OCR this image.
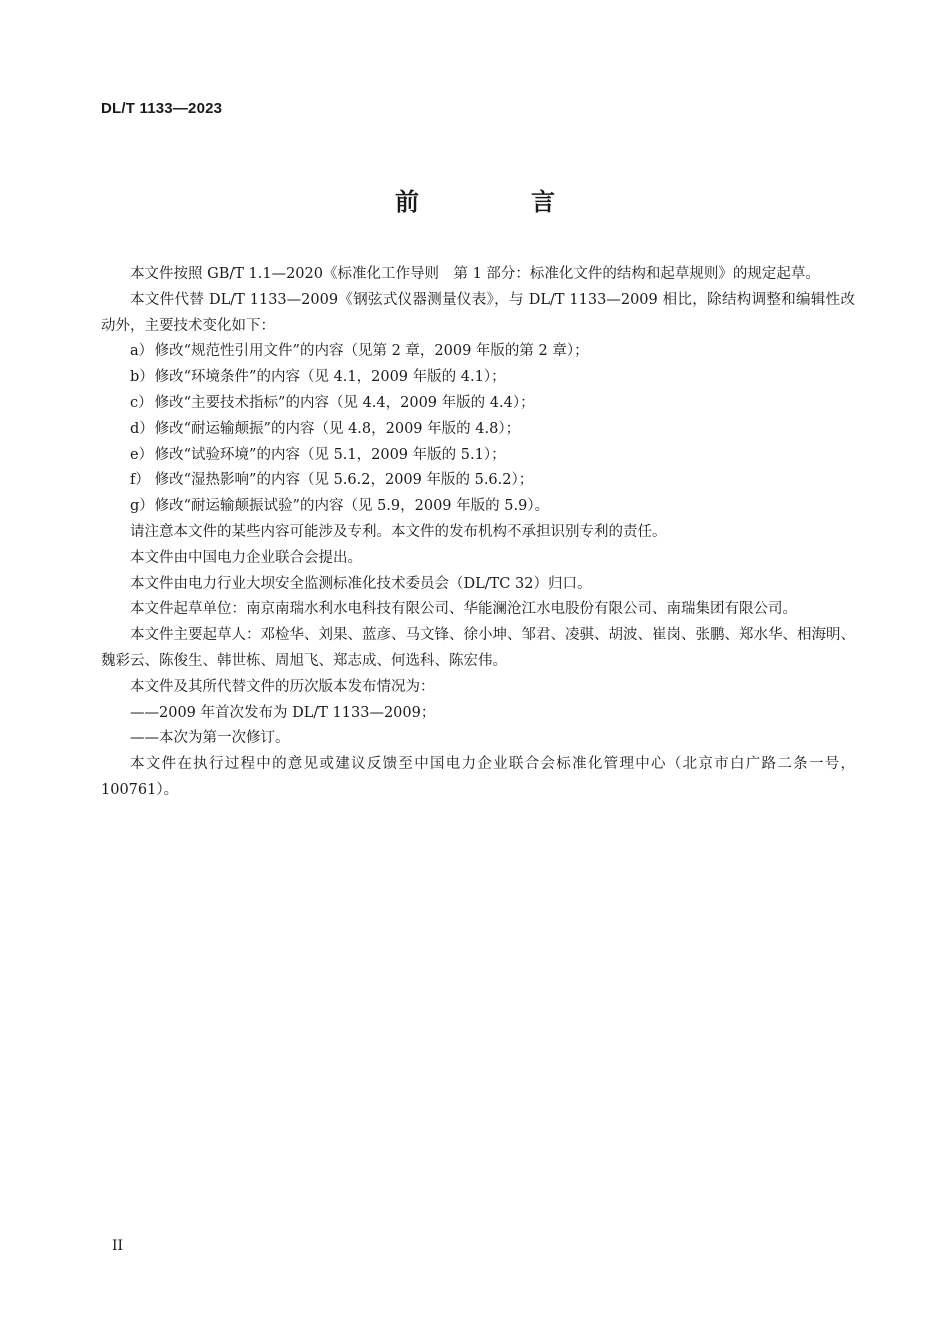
DL/T 1133—2023
前　言

本文件按照 GB/T 1.1—2020《标准化工作导则　第 1 部分：标准化文件的结构和起草规则》的规定起草。

本文件代替 DL/T 1133—2009《钢弦式仪器测量仪表》，与 DL/T 1133—2009 相比，除结构调整和编辑性改动外，主要技术变化如下：

a）修改“规范性引用文件”的内容（见第 2 章，2009 年版的第 2 章）；

b）修改“环境条件”的内容（见 4.1，2009 年版的 4.1）；

c） 修改“主要技术指标”的内容（见 4.4，2009 年版的 4.4）；

d）修改“耐运输颠振”的内容（见 4.8，2009 年版的 4.8）；

e） 修改“试验环境”的内容（见 5.1，2009 年版的 5.1）；

f） 修改“湿热影响”的内容（见 5.6.2，2009 年版的 5.6.2）；

g）修改“耐运输颠振试验”的内容（见 5.9，2009 年版的 5.9）。

请注意本文件的某些内容可能涉及专利。本文件的发布机构不承担识别专利的责任。

本文件由中国电力企业联合会提出。

本文件由电力行业大坝安全监测标准化技术委员会（DL/TC 32）归口。

本文件起草单位：南京南瑞水利水电科技有限公司、华能澜沧江水电股份有限公司、南瑞集团有限公司。

本文件主要起草人：邓检华、刘果、蓝彦、马文锋、徐小坤、邹君、凌骐、胡波、崔岗、张鹏、郑水华、相海明、魏彩云、陈俊生、韩世栋、周旭飞、郑志成、何选科、陈宏伟。

本文件及其所代替文件的历次版本发布情况为：

——2009 年首次发布为 DL/T 1133—2009；

——本次为第一次修订。

本文件在执行过程中的意见或建议反馈至中国电力企业联合会标准化管理中心（北京市白广路二条一号，100761）。

II
